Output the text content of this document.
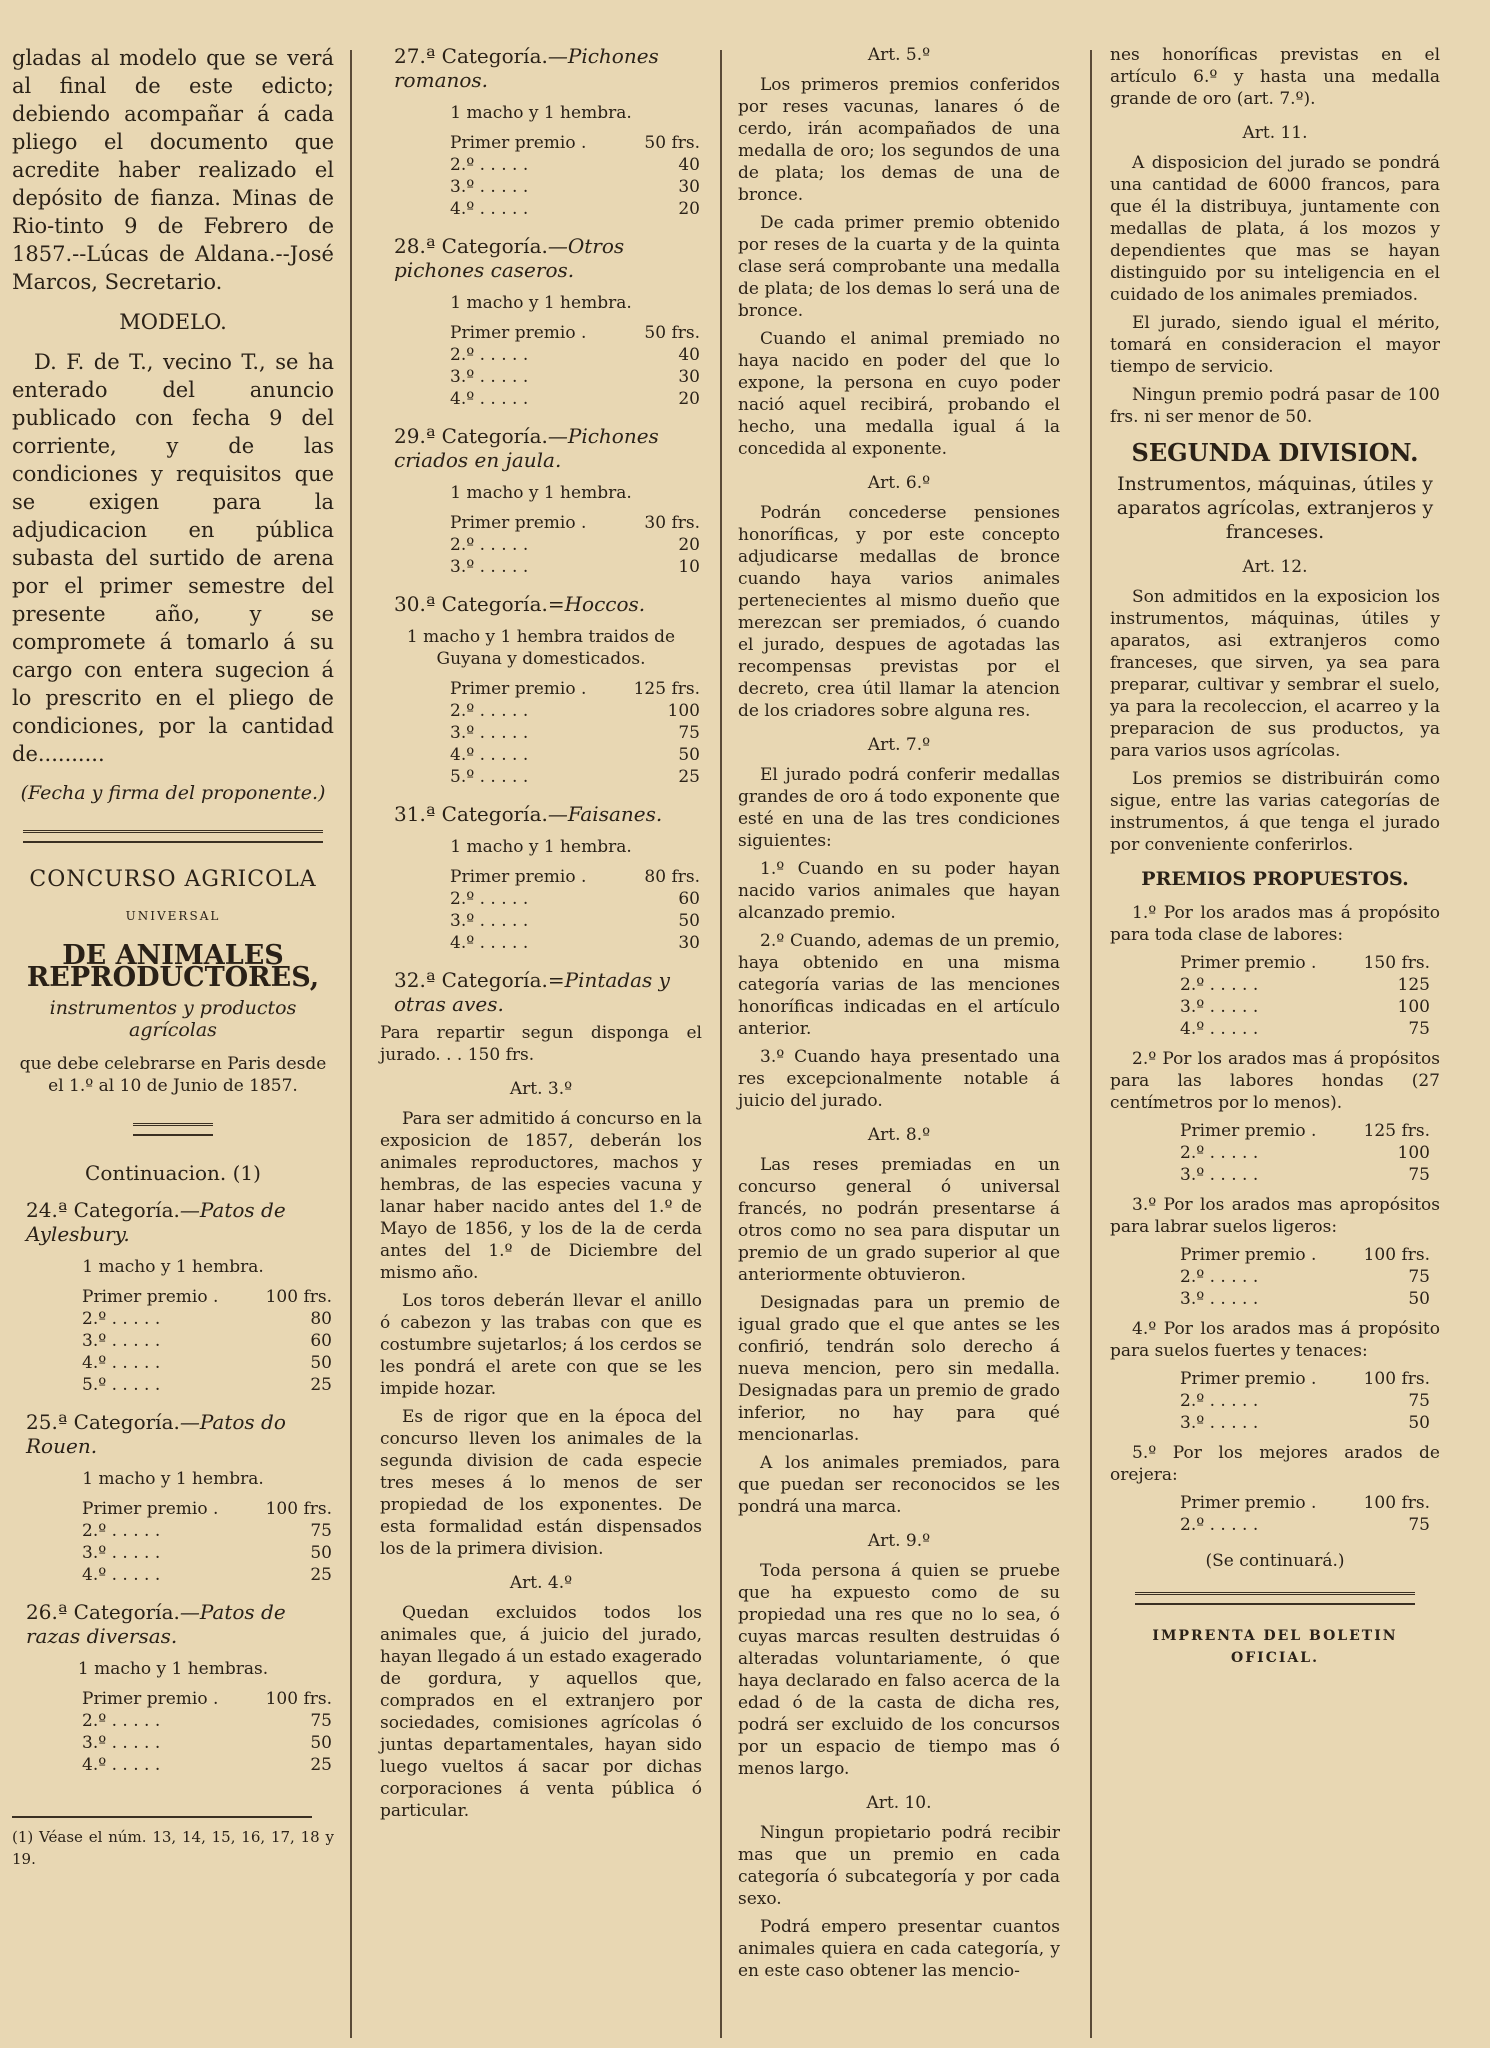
gladas al modelo que se verá al final de este edicto; debiendo acompañar á cada pliego el documento que acredite haber realizado el depósito de fianza. Minas de Rio-tinto 9 de Febrero de 1857.--Lúcas de Aldana.--José Marcos, Secretario.

MODELO.

D. F. de T., vecino T., se ha enterado del anuncio publicado con fecha 9 del corriente, y de las condiciones y requisitos que se exigen para la adjudicacion en pública subasta del surtido de arena por el primer semestre del presente año, y se compromete á tomarlo á su cargo con entera sugecion á lo prescrito en el pliego de condiciones, por la cantidad de..........

(Fecha y firma del proponente.)

CONCURSO AGRICOLA
UNIVERSAL
DE ANIMALES REPRODUCTORES,
instrumentos y productos agrícolas

que debe celebrarse en Paris desde el 1.º al 10 de Junio de 1857.

Continuacion. (1)
24.ª Categoría.—Patos de Aylesbury.
1 macho y 1 hembra.
Primer premio .	100 frs.
2.º . . . . .	80
3.º . . . . .	60
4.º . . . . .	50
5.º . . . . .	25
25.ª Categoría.—Patos do Rouen.
1 macho y 1 hembra.
Primer premio .	100 frs.
2.º . . . . .	75
3.º . . . . .	50
4.º . . . . .	25
26.ª Categoría.—Patos de razas diversas.
1 macho y 1 hembras.
Primer premio .	100 frs.
2.º . . . . .	75
3.º . . . . .	50
4.º . . . . .	25

(1) Véase el núm. 13, 14, 15, 16, 17, 18 y 19.

27.ª Categoría.—Pichones romanos.
1 macho y 1 hembra.
Primer premio .	50 frs.
2.º . . . . .	40
3.º . . . . .	30
4.º . . . . .	20
28.ª Categoría.—Otros pichones caseros.
1 macho y 1 hembra.
Primer premio .	50 frs.
2.º . . . . .	40
3.º . . . . .	30
4.º . . . . .	20
29.ª Categoría.—Pichones criados en jaula.
1 macho y 1 hembra.
Primer premio .	30 frs.
2.º . . . . .	20
3.º . . . . .	10
30.ª Categoría.=Hoccos.
1 macho y 1 hembra traidos de Guyana y domesticados.
Primer premio .	125 frs.
2.º . . . . .	100
3.º . . . . .	75
4.º . . . . .	50
5.º . . . . .	25
31.ª Categoría.—Faisanes.
1 macho y 1 hembra.
Primer premio .	80 frs.
2.º . . . . .	60
3.º . . . . .	50
4.º . . . . .	30
32.ª Categoría.=Pintadas y otras aves.

Para repartir segun disponga el jurado. . . 150 frs.

Art. 3.º

Para ser admitido á concurso en la exposicion de 1857, deberán los animales reproductores, machos y hembras, de las especies vacuna y lanar haber nacido antes del 1.º de Mayo de 1856, y los de la de cerda antes del 1.º de Diciembre del mismo año.

Los toros deberán llevar el anillo ó cabezon y las trabas con que es costumbre sujetarlos; á los cerdos se les pondrá el arete con que se les impide hozar.

Es de rigor que en la época del concurso lleven los animales de la segunda division de cada especie tres meses á lo menos de ser propiedad de los exponentes. De esta formalidad están dispensados los de la primera division.

Art. 4.º

Quedan excluidos todos los animales que, á juicio del jurado, hayan llegado á un estado exagerado de gordura, y aquellos que, comprados en el extranjero por sociedades, comisiones agrícolas ó juntas departamentales, hayan sido luego vueltos á sacar por dichas corporaciones á venta pública ó particular.

Art. 5.º

Los primeros premios conferidos por reses vacunas, lanares ó de cerdo, irán acompañados de una medalla de oro; los segundos de una de plata; los demas de una de bronce.

De cada primer premio obtenido por reses de la cuarta y de la quinta clase será comprobante una medalla de plata; de los demas lo será una de bronce.

Cuando el animal premiado no haya nacido en poder del que lo expone, la persona en cuyo poder nació aquel recibirá, probando el hecho, una medalla igual á la concedida al exponente.

Art. 6.º

Podrán concederse pensiones honoríficas, y por este concepto adjudicarse medallas de bronce cuando haya varios animales pertenecientes al mismo dueño que merezcan ser premiados, ó cuando el jurado, despues de agotadas las recompensas previstas por el decreto, crea útil llamar la atencion de los criadores sobre alguna res.

Art. 7.º

El jurado podrá conferir medallas grandes de oro á todo exponente que esté en una de las tres condiciones siguientes:

1.º Cuando en su poder hayan nacido varios animales que hayan alcanzado premio.

2.º Cuando, ademas de un premio, haya obtenido en una misma categoría varias de las menciones honoríficas indicadas en el artículo anterior.

3.º Cuando haya presentado una res excepcionalmente notable á juicio del jurado.

Art. 8.º

Las reses premiadas en un concurso general ó universal francés, no podrán presentarse á otros como no sea para disputar un premio de un grado superior al que anteriormente obtuvieron.

Designadas para un premio de igual grado que el que antes se les confirió, tendrán solo derecho á nueva mencion, pero sin medalla. Designadas para un premio de grado inferior, no hay para qué mencionarlas.

A los animales premiados, para que puedan ser reconocidos se les pondrá una marca.

Art. 9.º

Toda persona á quien se pruebe que ha expuesto como de su propiedad una res que no lo sea, ó cuyas marcas resulten destruidas ó alteradas voluntariamente, ó que haya declarado en falso acerca de la edad ó de la casta de dicha res, podrá ser excluido de los concursos por un espacio de tiempo mas ó menos largo.

Art. 10.

Ningun propietario podrá recibir mas que un premio en cada categoría ó subcategoría y por cada sexo.

Podrá empero presentar cuantos animales quiera en cada categoría, y en este caso obtener las mencio-

nes honoríficas previstas en el artículo 6.º y hasta una medalla grande de oro (art. 7.º).

Art. 11.

A disposicion del jurado se pondrá una cantidad de 6000 francos, para que él la distribuya, juntamente con medallas de plata, á los mozos y dependientes que mas se hayan distinguido por su inteligencia en el cuidado de los animales premiados.

El jurado, siendo igual el mérito, tomará en consideracion el mayor tiempo de servicio.

Ningun premio podrá pasar de 100 frs. ni ser menor de 50.

SEGUNDA DIVISION.

Instrumentos, máquinas, útiles y aparatos agrícolas, extranjeros y franceses.

Art. 12.

Son admitidos en la exposicion los instrumentos, máquinas, útiles y aparatos, asi extranjeros como franceses, que sirven, ya sea para preparar, cultivar y sembrar el suelo, ya para la recoleccion, el acarreo y la preparacion de sus productos, ya para varios usos agrícolas.

Los premios se distribuirán como sigue, entre las varias categorías de instrumentos, á que tenga el jurado por conveniente conferirlos.

PREMIOS PROPUESTOS.

1.º Por los arados mas á propósito para toda clase de labores:

Primer premio .	150 frs.
2.º . . . . .	125
3.º . . . . .	100
4.º . . . . .	75

2.º Por los arados mas á propósitos para las labores hondas (27 centímetros por lo menos).

Primer premio .	125 frs.
2.º . . . . .	100
3.º . . . . .	75

3.º Por los arados mas apropósitos para labrar suelos ligeros:

Primer premio .	100 frs.
2.º . . . . .	75
3.º . . . . .	50

4.º Por los arados mas á propósito para suelos fuertes y tenaces:

Primer premio .	100 frs.
2.º . . . . .	75
3.º . . . . .	50

5.º Por los mejores arados de orejera:

Primer premio .	100 frs.
2.º . . . . .	75
(Se continuará.)
IMPRENTA DEL BOLETIN OFICIAL.
